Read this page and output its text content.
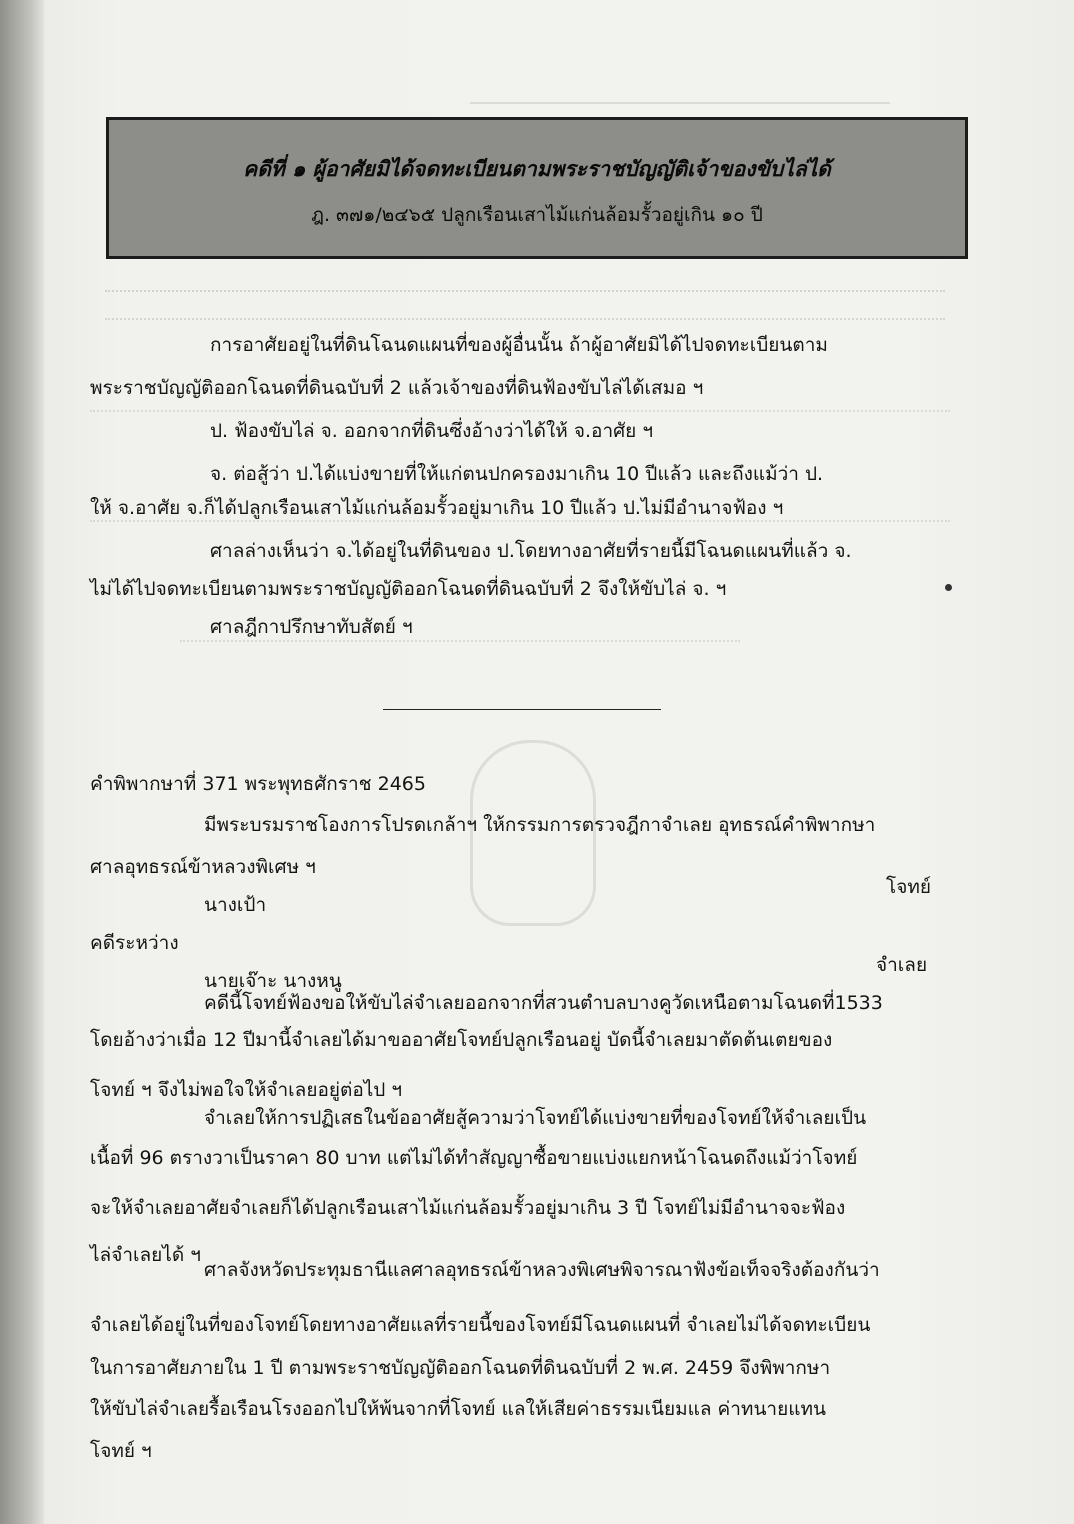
คดีที่ ๑ ผู้อาศัยมิได้จดทะเบียนตามพระราชบัญญัติเจ้าของขับไล่ได้
ฎ. ๓๗๑/๒๔๖๕ ปลูกเรือนเสาไม้แก่นล้อมรั้วอยู่เกิน ๑๐ ปี
การอาศัยอยู่ในที่ดินโฉนดแผนที่ของผู้อื่นนั้น ถ้าผู้อาศัยมิได้ไปจดทะเบียนตาม
พระราชบัญญัติออกโฉนดที่ดินฉบับที่ 2 แล้วเจ้าของที่ดินฟ้องขับไล่ได้เสมอ ฯ
ป. ฟ้องขับไล่ จ. ออกจากที่ดินซึ่งอ้างว่าได้ให้ จ.อาศัย ฯ
จ. ต่อสู้ว่า ป.ได้แบ่งขายที่ให้แก่ตนปกครองมาเกิน 10 ปีแล้ว และถึงแม้ว่า ป.
ให้ จ.อาศัย จ.ก็ได้ปลูกเรือนเสาไม้แก่นล้อมรั้วอยู่มาเกิน 10 ปีแล้ว ป.ไม่มีอำนาจฟ้อง ฯ
ศาลล่างเห็นว่า จ.ได้อยู่ในที่ดินของ ป.โดยทางอาศัยที่รายนี้มีโฉนดแผนที่แล้ว จ.
ไม่ได้ไปจดทะเบียนตามพระราชบัญญัติออกโฉนดที่ดินฉบับที่ 2 จึงให้ขับไล่ จ. ฯ
ศาลฎีกาปรึกษาทับสัตย์ ฯ
คำพิพากษาที่ 371 พระพุทธศักราช 2465
มีพระบรมราชโองการโปรดเกล้าฯ ให้กรรมการตรวจฎีกาจำเลย อุทธรณ์คำพิพากษา
ศาลอุทธรณ์ข้าหลวงพิเศษ ฯ
โจทย์
นางเป้า
คดีระหว่าง
จำเลย
นายเจ๊าะ นางหนู
คดีนี้โจทย์ฟ้องขอให้ขับไล่จำเลยออกจากที่สวนตำบลบางคูวัดเหนือตามโฉนดที่1533
โดยอ้างว่าเมื่อ 12 ปีมานี้จำเลยได้มาขออาศัยโจทย์ปลูกเรือนอยู่ บัดนี้จำเลยมาตัดต้นเตยของ
โจทย์ ฯ จึงไม่พอใจให้จำเลยอยู่ต่อไป ฯ
จำเลยให้การปฏิเสธในข้ออาศัยสู้ความว่าโจทย์ได้แบ่งขายที่ของโจทย์ให้จำเลยเป็น
เนื้อที่ 96 ตรางวาเป็นราคา 80 บาท แต่ไม่ได้ทำสัญญาซื้อขายแบ่งแยกหน้าโฉนดถึงแม้ว่าโจทย์
จะให้จำเลยอาศัยจำเลยก็ได้ปลูกเรือนเสาไม้แก่นล้อมรั้วอยู่มาเกิน 3 ปี โจทย์ไม่มีอำนาจจะฟ้อง
ไล่จำเลยได้ ฯ
ศาลจังหวัดประทุมธานีแลศาลอุทธรณ์ข้าหลวงพิเศษพิจารณาฟังข้อเท็จจริงต้องกันว่า
จำเลยได้อยู่ในที่ของโจทย์โดยทางอาศัยแลที่รายนี้ของโจทย์มีโฉนดแผนที่ จำเลยไม่ได้จดทะเบียน
ในการอาศัยภายใน 1 ปี ตามพระราชบัญญัติออกโฉนดที่ดินฉบับที่ 2 พ.ศ. 2459 จึงพิพากษา
ให้ขับไล่จำเลยรื้อเรือนโรงออกไปให้พ้นจากที่โจทย์ แลให้เสียค่าธรรมเนียมแล ค่าทนายแทน
โจทย์ ฯ
